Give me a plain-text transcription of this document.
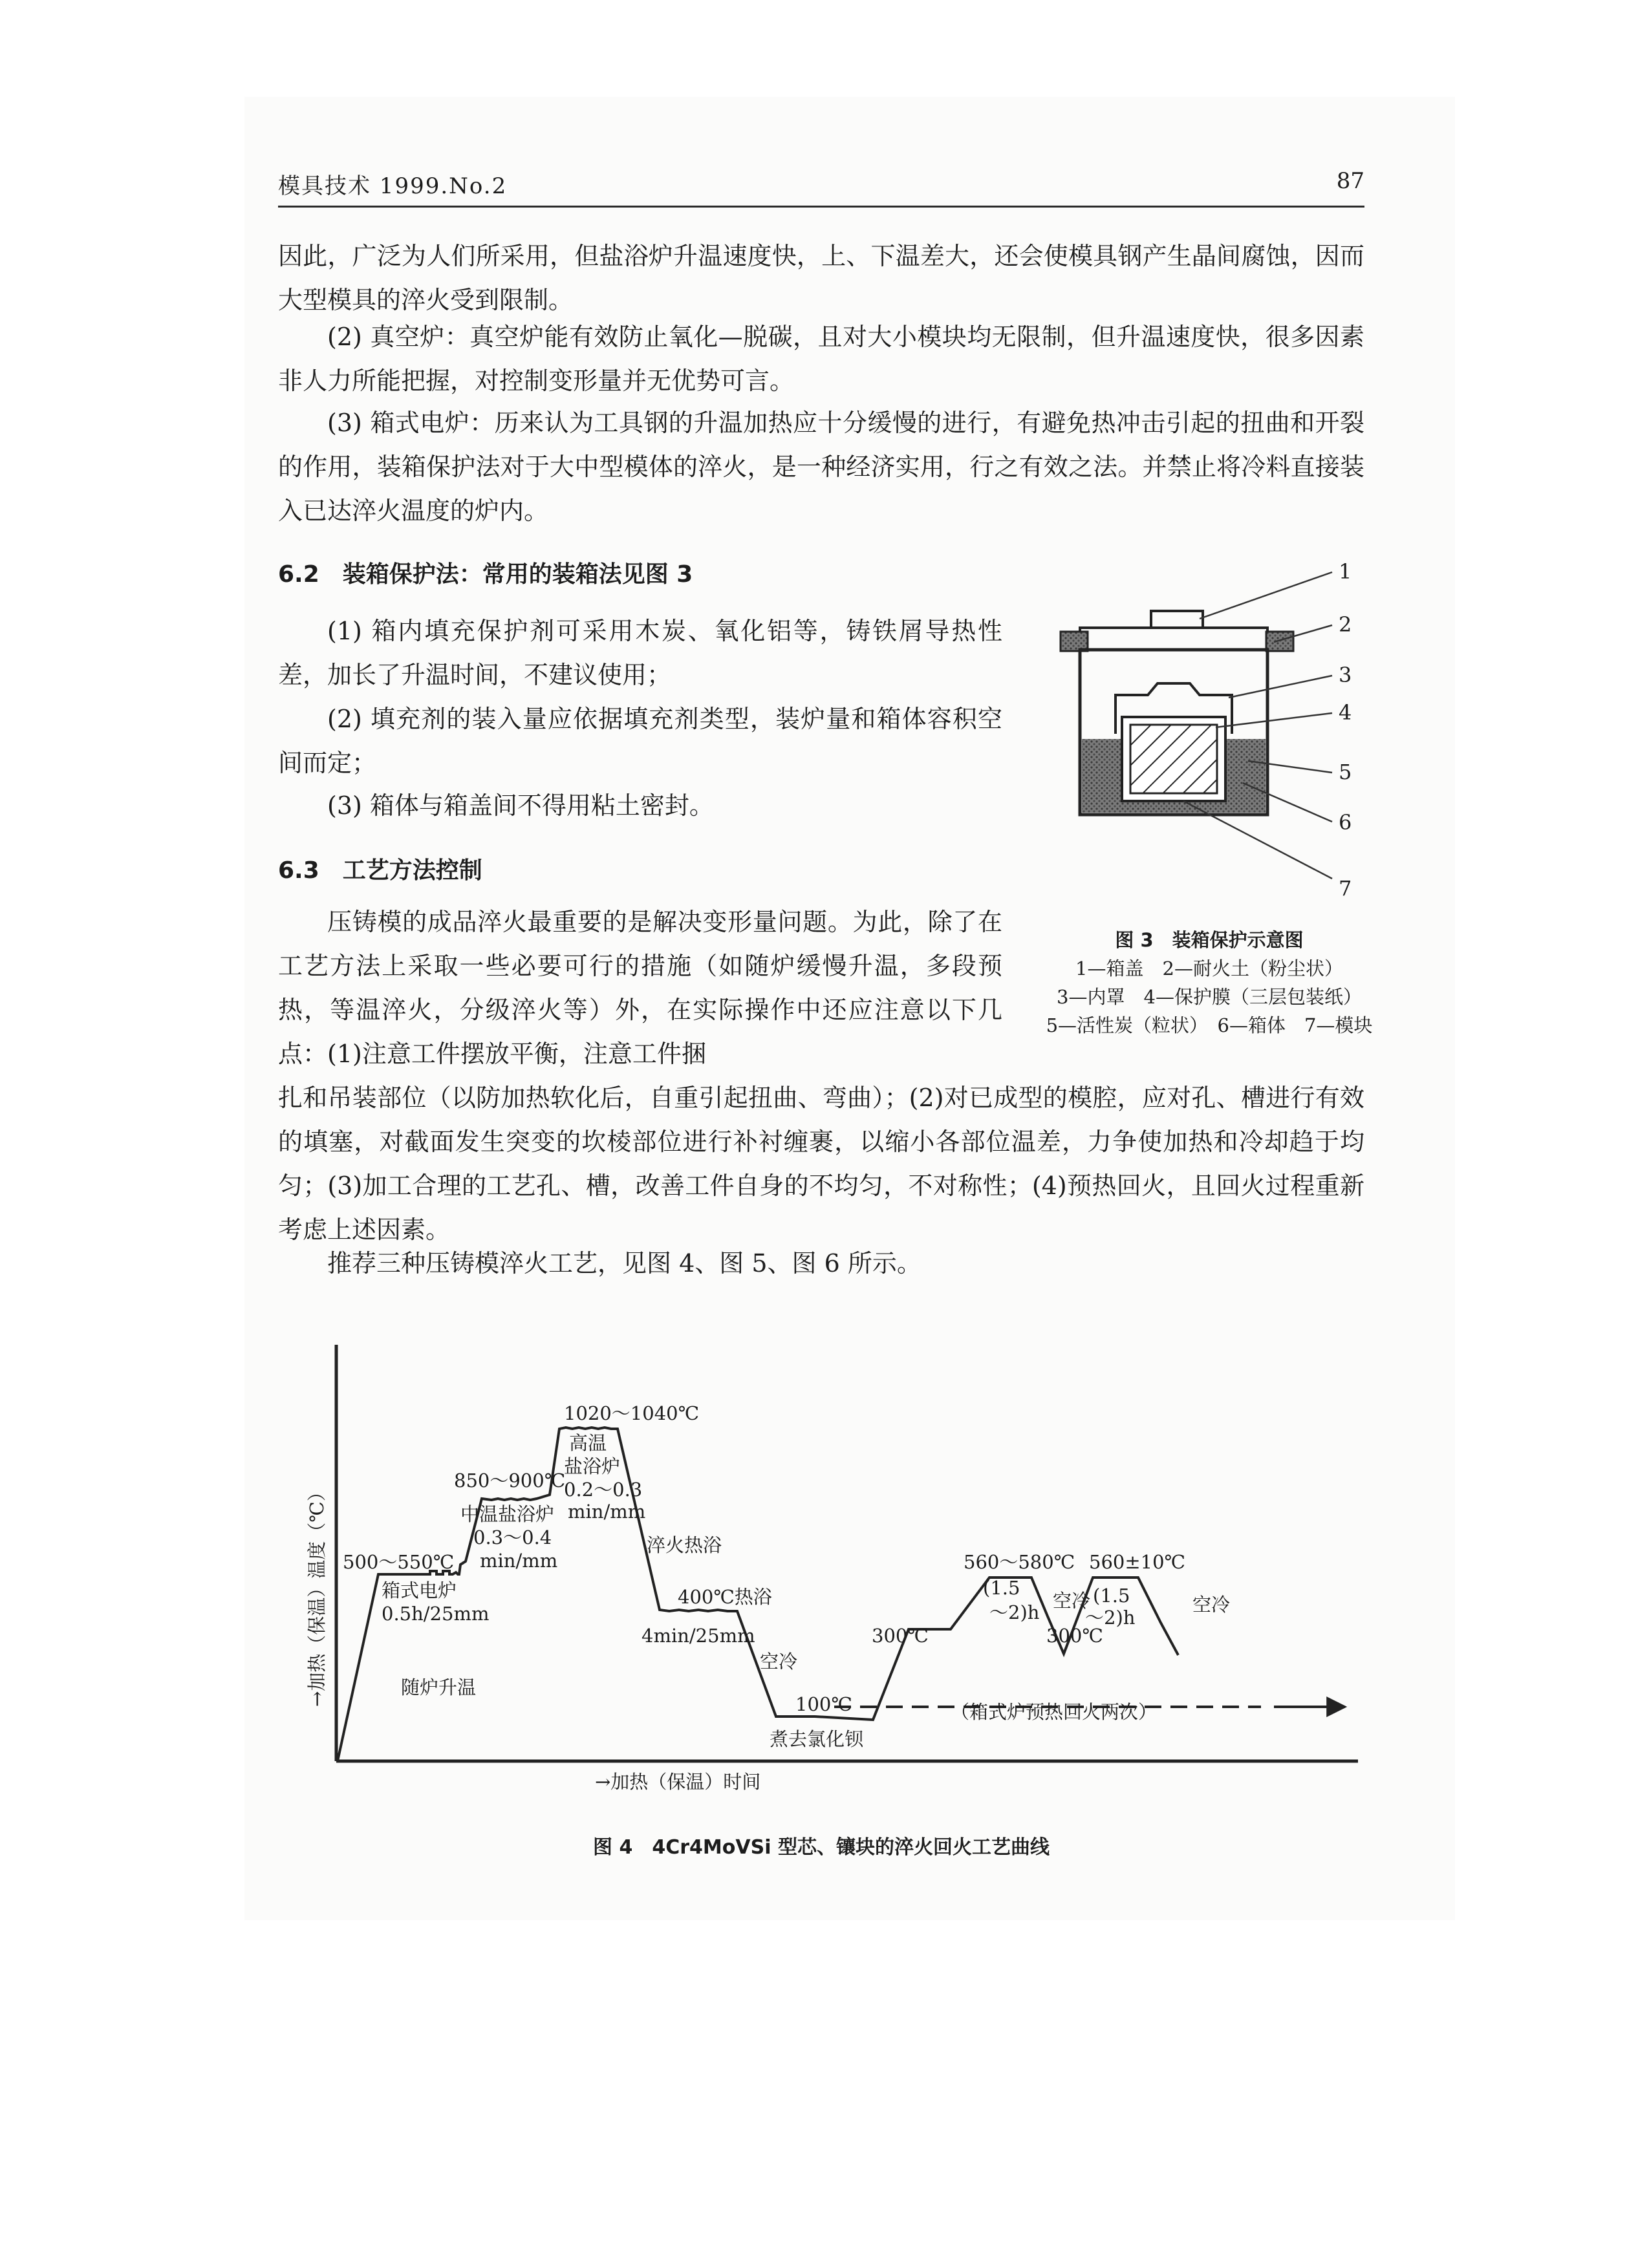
模具技术 1999.No.2	87

因此，广泛为人们所采用，但盐浴炉升温速度快，上、下温差大，还会使模具钢产生晶间腐蚀，因而大型模具的淬火受到限制。

(2) 真空炉：真空炉能有效防止氧化—脱碳，且对大小模块均无限制，但升温速度快，很多因素非人力所能把握，对控制变形量并无优势可言。

(3) 箱式电炉：历来认为工具钢的升温加热应十分缓慢的进行，有避免热冲击引起的扭曲和开裂的作用，装箱保护法对于大中型模体的淬火，是一种经济实用，行之有效之法。并禁止将冷料直接装入已达淬火温度的炉内。

6.2　装箱保护法：常用的装箱法见图 3

(1) 箱内填充保护剂可采用木炭、氧化铝等，铸铁屑导热性差，加长了升温时间，不建议使用；

(2) 填充剂的装入量应依据填充剂类型，装炉量和箱体容积空间而定；

(3) 箱体与箱盖间不得用粘土密封。

6.3　工艺方法控制

压铸模的成品淬火最重要的是解决变形量问题。为此，除了在工艺方法上采取一些必要可行的措施（如随炉缓慢升温，多段预热，等温淬火，分级淬火等）外，在实际操作中还应注意以下几点：(1)注意工件摆放平衡，注意工件捆

扎和吊装部位（以防加热软化后，自重引起扭曲、弯曲）；(2)对已成型的模腔，应对孔、槽进行有效的填塞，对截面发生突变的坎棱部位进行补衬缠裹，以缩小各部位温差，力争使加热和冷却趋于均匀；(3)加工合理的工艺孔、槽，改善工件自身的不均匀，不对称性；(4)预热回火，且回火过程重新考虑上述因素。

推荐三种压铸模淬火工艺，见图 4、图 5、图 6 所示。

1
2
3
4
5
6
7
图 3　装箱保护示意图
1—箱盖　2—耐火土（粉尘状）
3—内罩　4—保护膜（三层包装纸）
5—活性炭（粒状）　6—箱体　7—模块
500～550℃
箱式电炉
0.5h/25mm
随炉升温
850～900℃
中温盐浴炉
0.3～0.4
min/mm
1020～1040℃
高温
盐浴炉
0.2～0.3
min/mm
淬火热浴
400℃热浴
4min/25mm
空冷
100℃
煮去氯化钡
（箱式炉预热回火两次）
300℃
560～580℃
(1.5
～2)h
空冷
300℃
560±10℃
(1.5
～2)h
空冷
→加热（保温）时间
→加热（保温）温度（℃）
图 4　4Cr4MoVSi 型芯、镶块的淬火回火工艺曲线
